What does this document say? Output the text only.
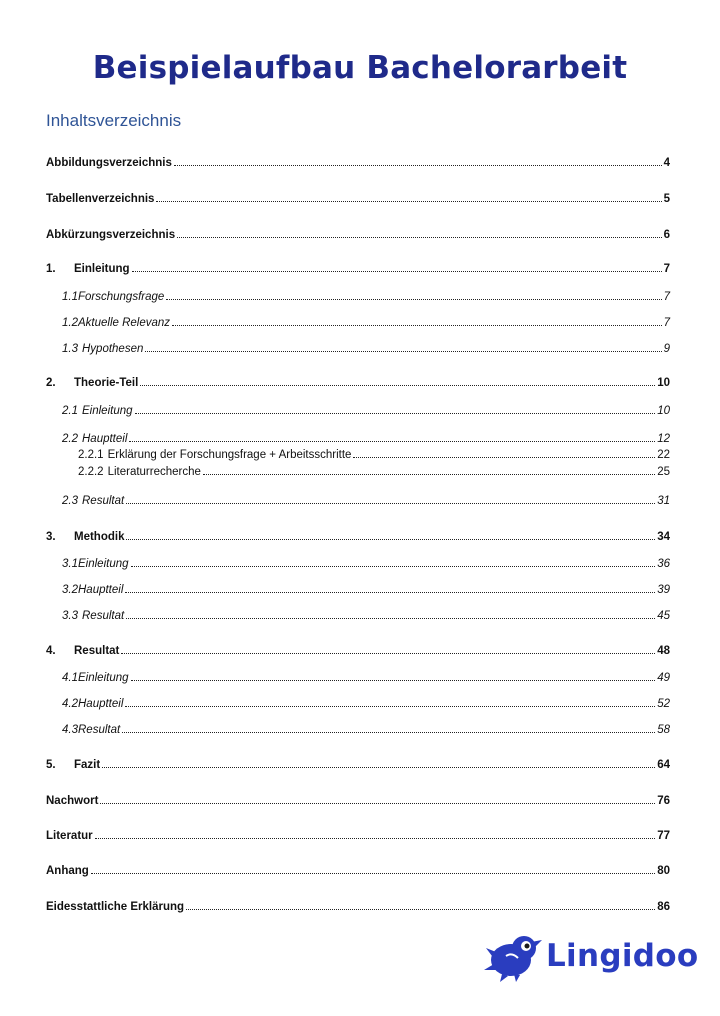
Beispielaufbau Bachelorarbeit
Inhaltsverzeichnis
Abbildungsverzeichnis	4
Tabellenverzeichnis	5
Abkürzungsverzeichnis	6
1.	Einleitung	7
1.1 Forschungsfrage	7
1.2 Aktuelle Relevanz	7
1.3 Hypothesen	9
2.	Theorie-Teil	10
2.1 Einleitung	10
2.2 Hauptteil	12
2.2.1 Erklärung der Forschungsfrage + Arbeitsschritte	22
2.2.2 Literaturrecherche	25
2.3 Resultat	31
3.	Methodik	34
3.1 Einleitung	36
3.2 Hauptteil	39
3.3 Resultat	45
4.	Resultat	48
4.1 Einleitung	49
4.2 Hauptteil	52
4.3 Resultat	58
5.	Fazit	64
Nachwort	76
Literatur	77
Anhang	80
Eidesstattliche Erklärung	86
Lingidoo
